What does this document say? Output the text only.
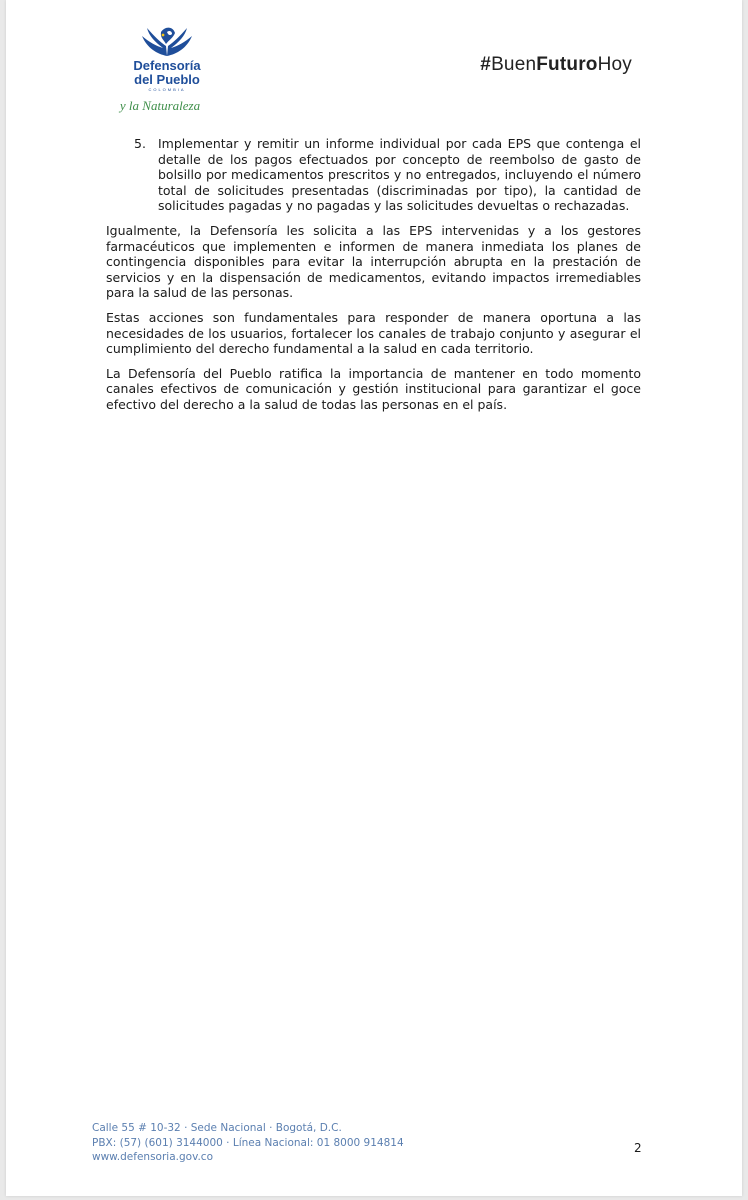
Defensoría
del Pueblo
COLOMBIA
y la Naturaleza
#BuenFuturoHoy
5. Implementar y remitir un informe individual por cada EPS que contenga el detalle de los pagos efectuados por concepto de reembolso de gasto de bolsillo por medicamentos prescritos y no entregados, incluyendo el número total de solicitudes presentadas (discriminadas por tipo), la cantidad de solicitudes pagadas y no pagadas y las solicitudes devueltas o rechazadas.

Igualmente, la Defensoría les solicita a las EPS intervenidas y a los gestores farmacéuticos que implementen e informen de manera inmediata los planes de contingencia disponibles para evitar la interrupción abrupta en la prestación de servicios y en la dispensación de medicamentos, evitando impactos irremediables para la salud de las personas.

Estas acciones son fundamentales para responder de manera oportuna a las necesidades de los usuarios, fortalecer los canales de trabajo conjunto y asegurar el cumplimiento del derecho fundamental a la salud en cada territorio.

La Defensoría del Pueblo ratifica la importancia de mantener en todo momento canales efectivos de comunicación y gestión institucional para garantizar el goce efectivo del derecho a la salud de todas las personas en el país.

Calle 55 # 10-32 · Sede Nacional · Bogotá, D.C.
PBX: (57) (601) 3144000 · Línea Nacional: 01 8000 914814
www.defensoria.gov.co
2
